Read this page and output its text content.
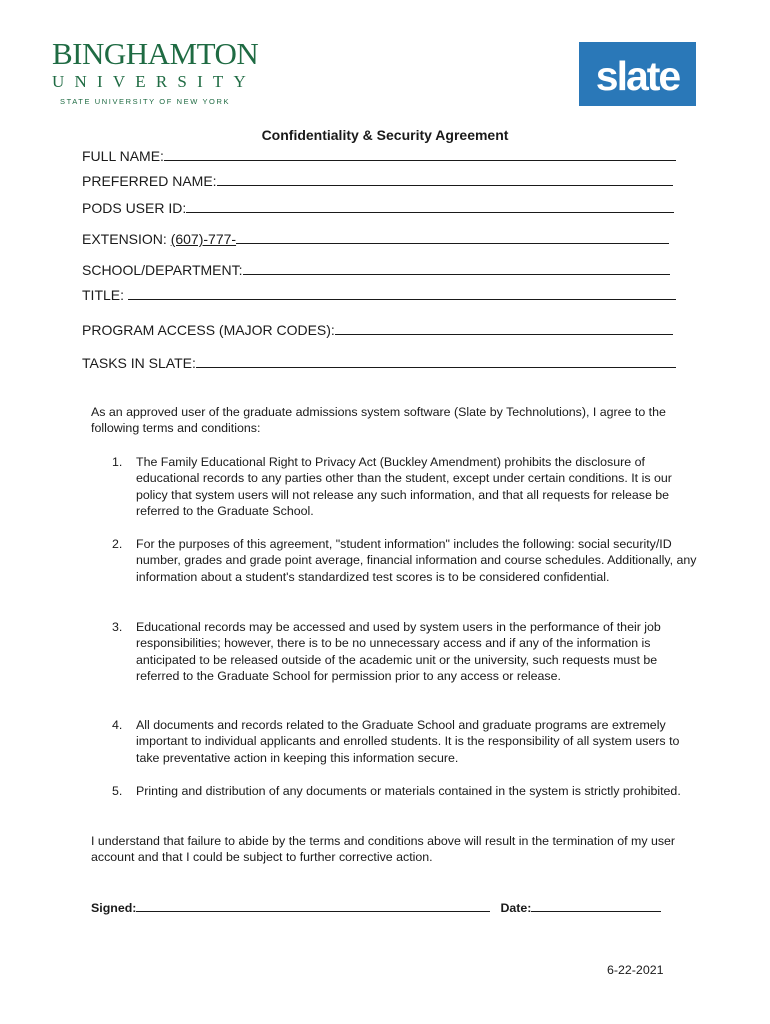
BINGHAMTON
UNIVERSITY
STATE UNIVERSITY OF NEW YORK
slate
Confidentiality & Security Agreement
FULL NAME:
PREFERRED NAME:
PODS USER ID:
EXTENSION: (607)-777-
SCHOOL/DEPARTMENT:
TITLE:
PROGRAM ACCESS (MAJOR CODES):
TASKS IN SLATE:
As an approved user of the graduate admissions system software (Slate by Technolutions), I agree to the following terms and conditions:
1.	The Family Educational Right to Privacy Act (Buckley Amendment) prohibits the disclosure of educational records to any parties other than the student, except under certain conditions. It is our policy that system users will not release any such information, and that all requests for release be referred to the Graduate School.
2.	For the purposes of this agreement, "student information" includes the following: social security/ID number, grades and grade point average, financial information and course schedules. Additionally, any information about a student's standardized test scores is to be considered confidential.
3.	Educational records may be accessed and used by system users in the performance of their job responsibilities; however, there is to be no unnecessary access and if any of the information is anticipated to be released outside of the academic unit or the university, such requests must be referred to the Graduate School for permission prior to any access or release.
4.	All documents and records related to the Graduate School and graduate programs are extremely important to individual applicants and enrolled students. It is the responsibility of all system users to take preventative action in keeping this information secure.
5.	Printing and distribution of any documents or materials contained in the system is strictly prohibited.
I understand that failure to abide by the terms and conditions above will result in the termination of my user account and that I could be subject to further corrective action.
Signed:	Date:
6-22-2021
